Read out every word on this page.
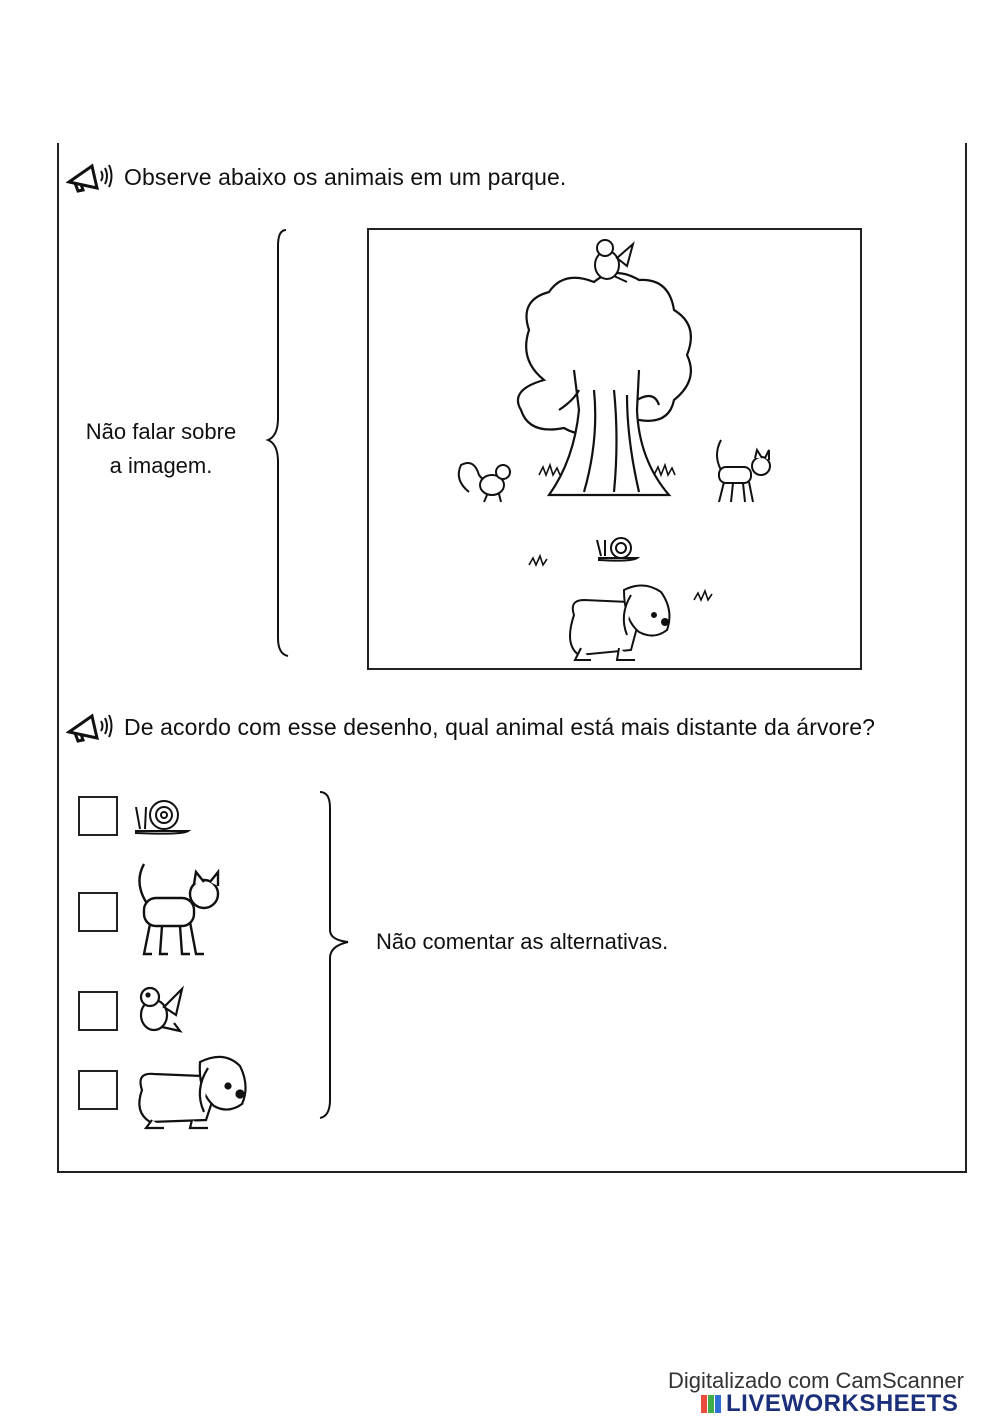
Observe abaixo os animais em um parque.
Não falar sobre
a imagem.
De acordo com esse desenho, qual animal está mais distante da árvore?
Não comentar as alternativas.
Digitalizado com CamScanner
LIVEWORKSHEETS
